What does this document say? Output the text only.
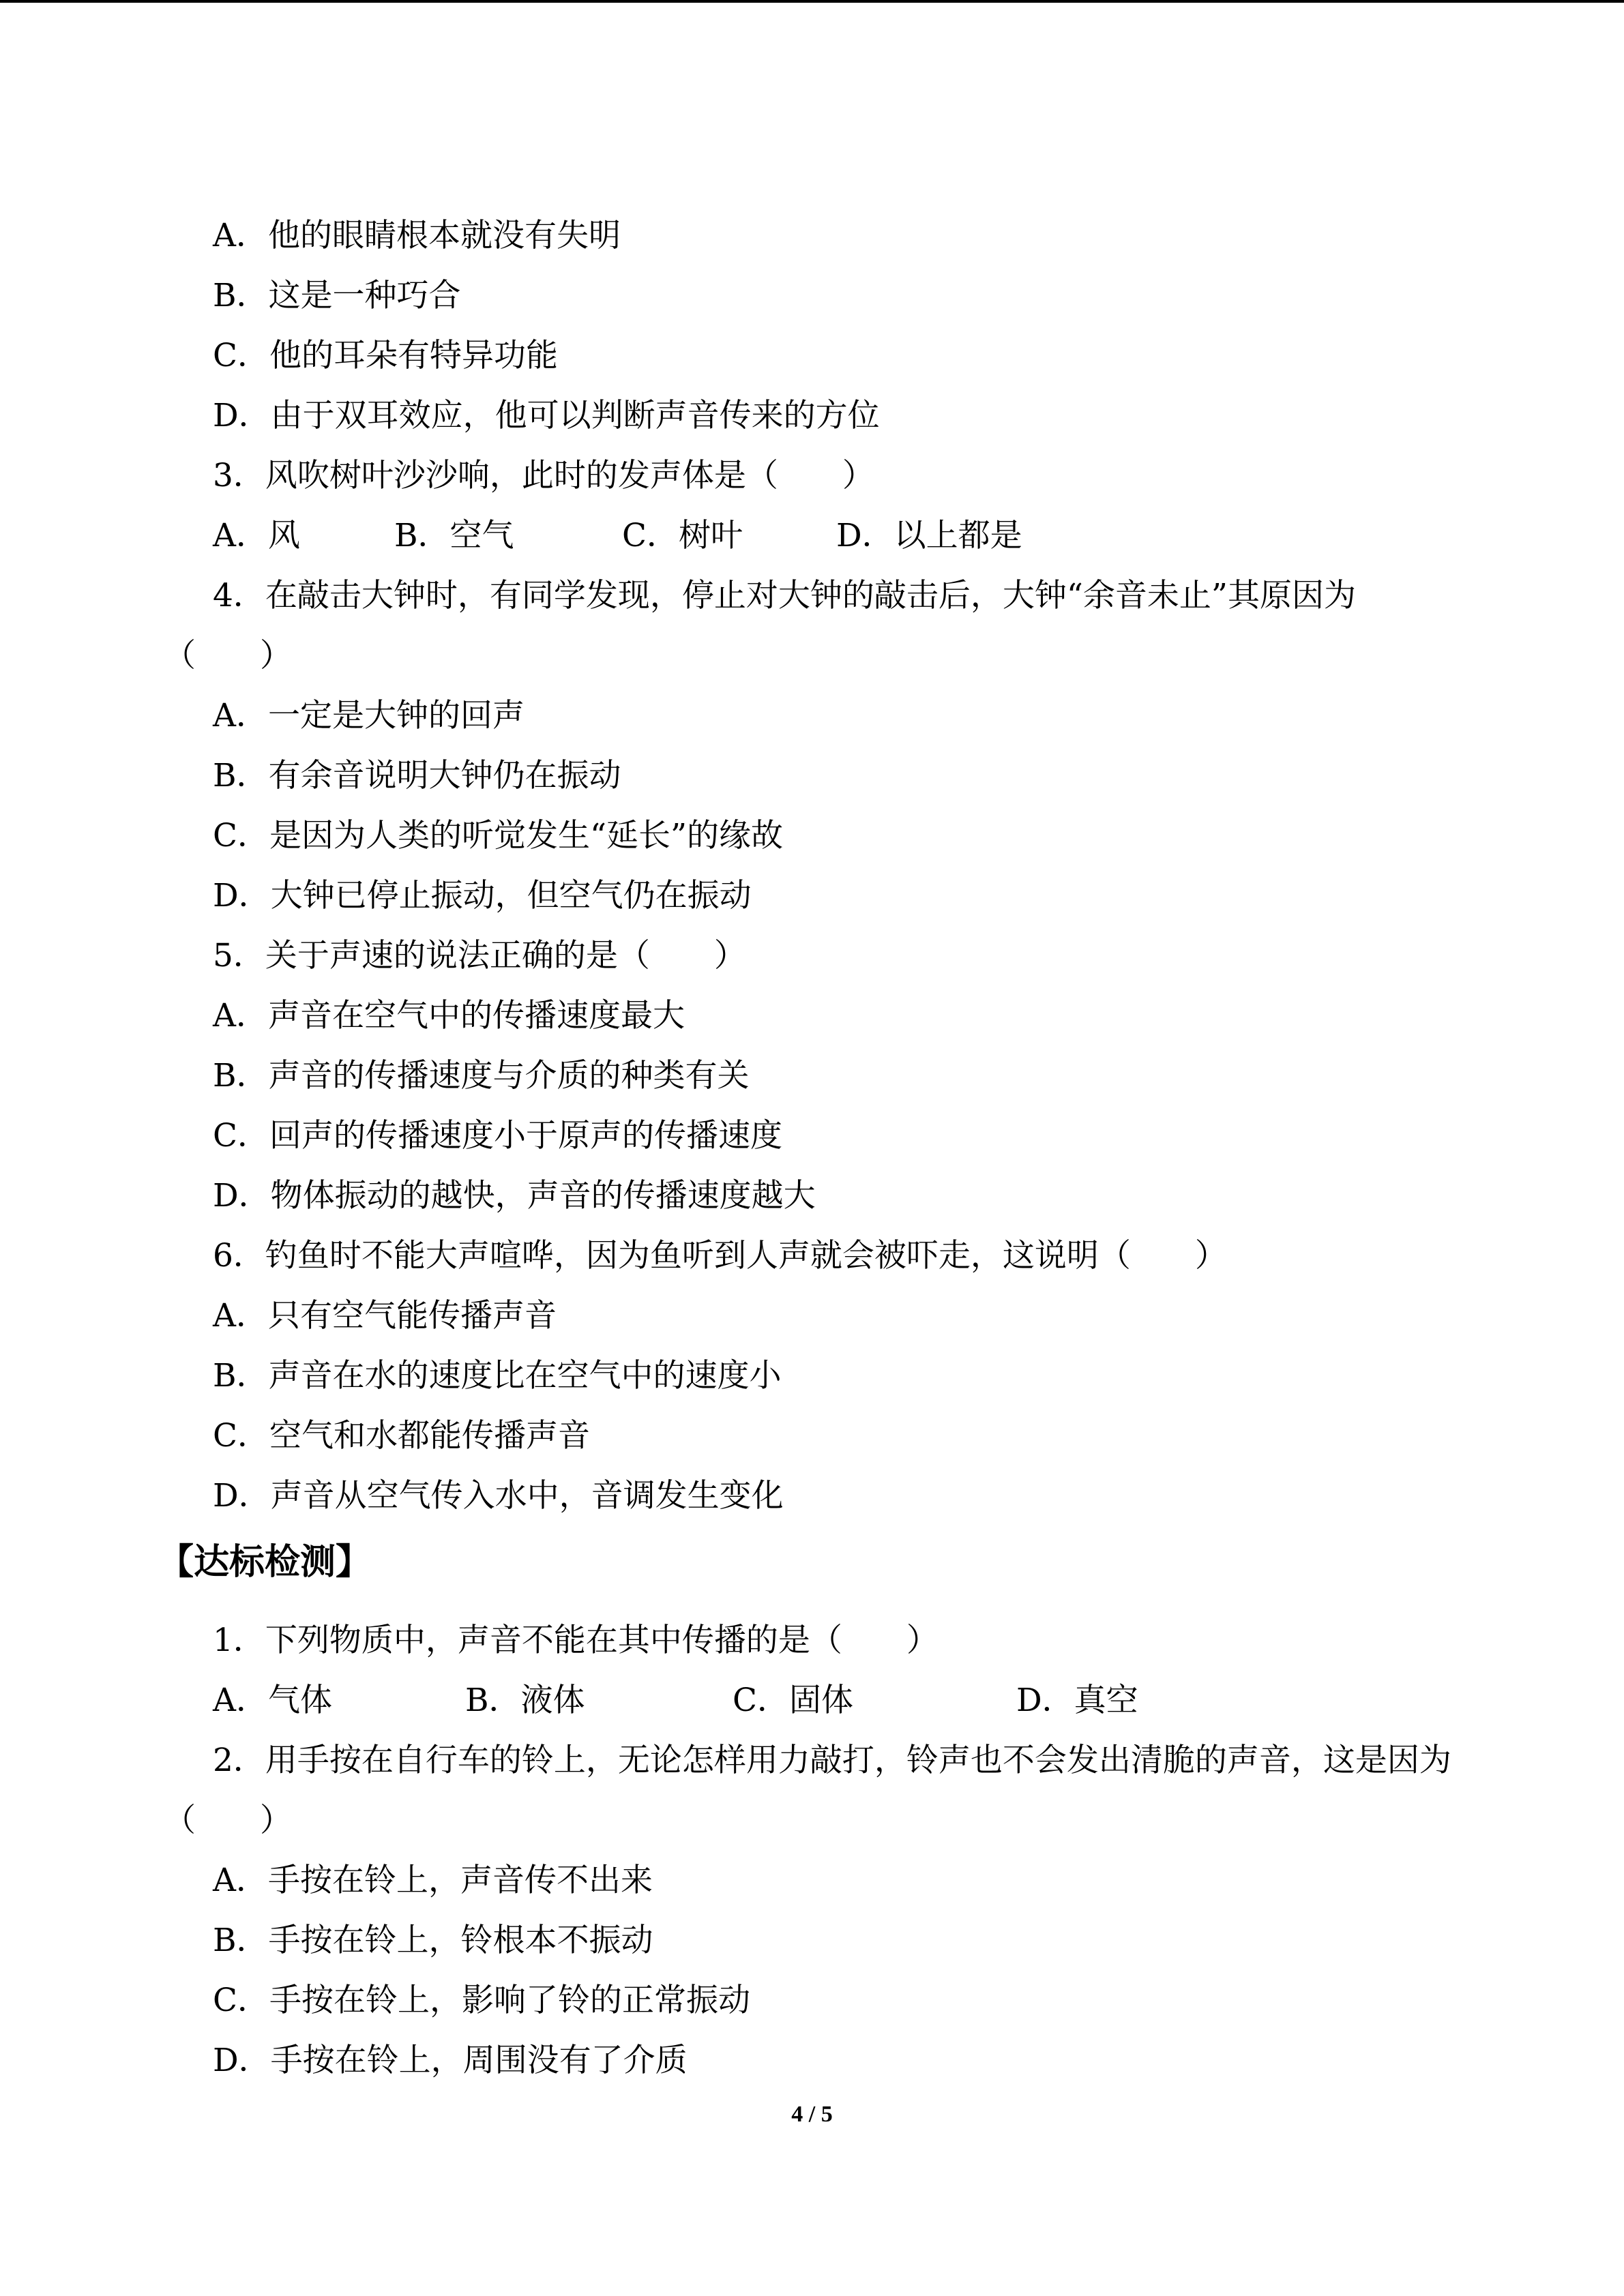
A．他的眼睛根本就没有失明
B．这是一种巧合
C．他的耳朵有特异功能
D．由于双耳效应，他可以判断声音传来的方位
3．风吹树叶沙沙响，此时的发声体是（　　）
A．风	B．空气	C．树叶	D．以上都是
4．在敲击大钟时，有同学发现，停止对大钟的敲击后，大钟“余音未止”其原因为
（　　）
A．一定是大钟的回声
B．有余音说明大钟仍在振动
C．是因为人类的听觉发生“延长”的缘故
D．大钟已停止振动，但空气仍在振动
5．关于声速的说法正确的是（　　）
A．声音在空气中的传播速度最大
B．声音的传播速度与介质的种类有关
C．回声的传播速度小于原声的传播速度
D．物体振动的越快，声音的传播速度越大
6．钓鱼时不能大声喧哗，因为鱼听到人声就会被吓走，这说明（　　）
A．只有空气能传播声音
B．声音在水的速度比在空气中的速度小
C．空气和水都能传播声音
D．声音从空气传入水中，音调发生变化
【达标检测】
1．下列物质中，声音不能在其中传播的是（　　）
A．气体	B．液体	C．固体	D．真空
2．用手按在自行车的铃上，无论怎样用力敲打，铃声也不会发出清脆的声音，这是因为
（　　）
A．手按在铃上，声音传不出来
B．手按在铃上，铃根本不振动
C．手按在铃上，影响了铃的正常振动
D．手按在铃上，周围没有了介质
4 / 5
